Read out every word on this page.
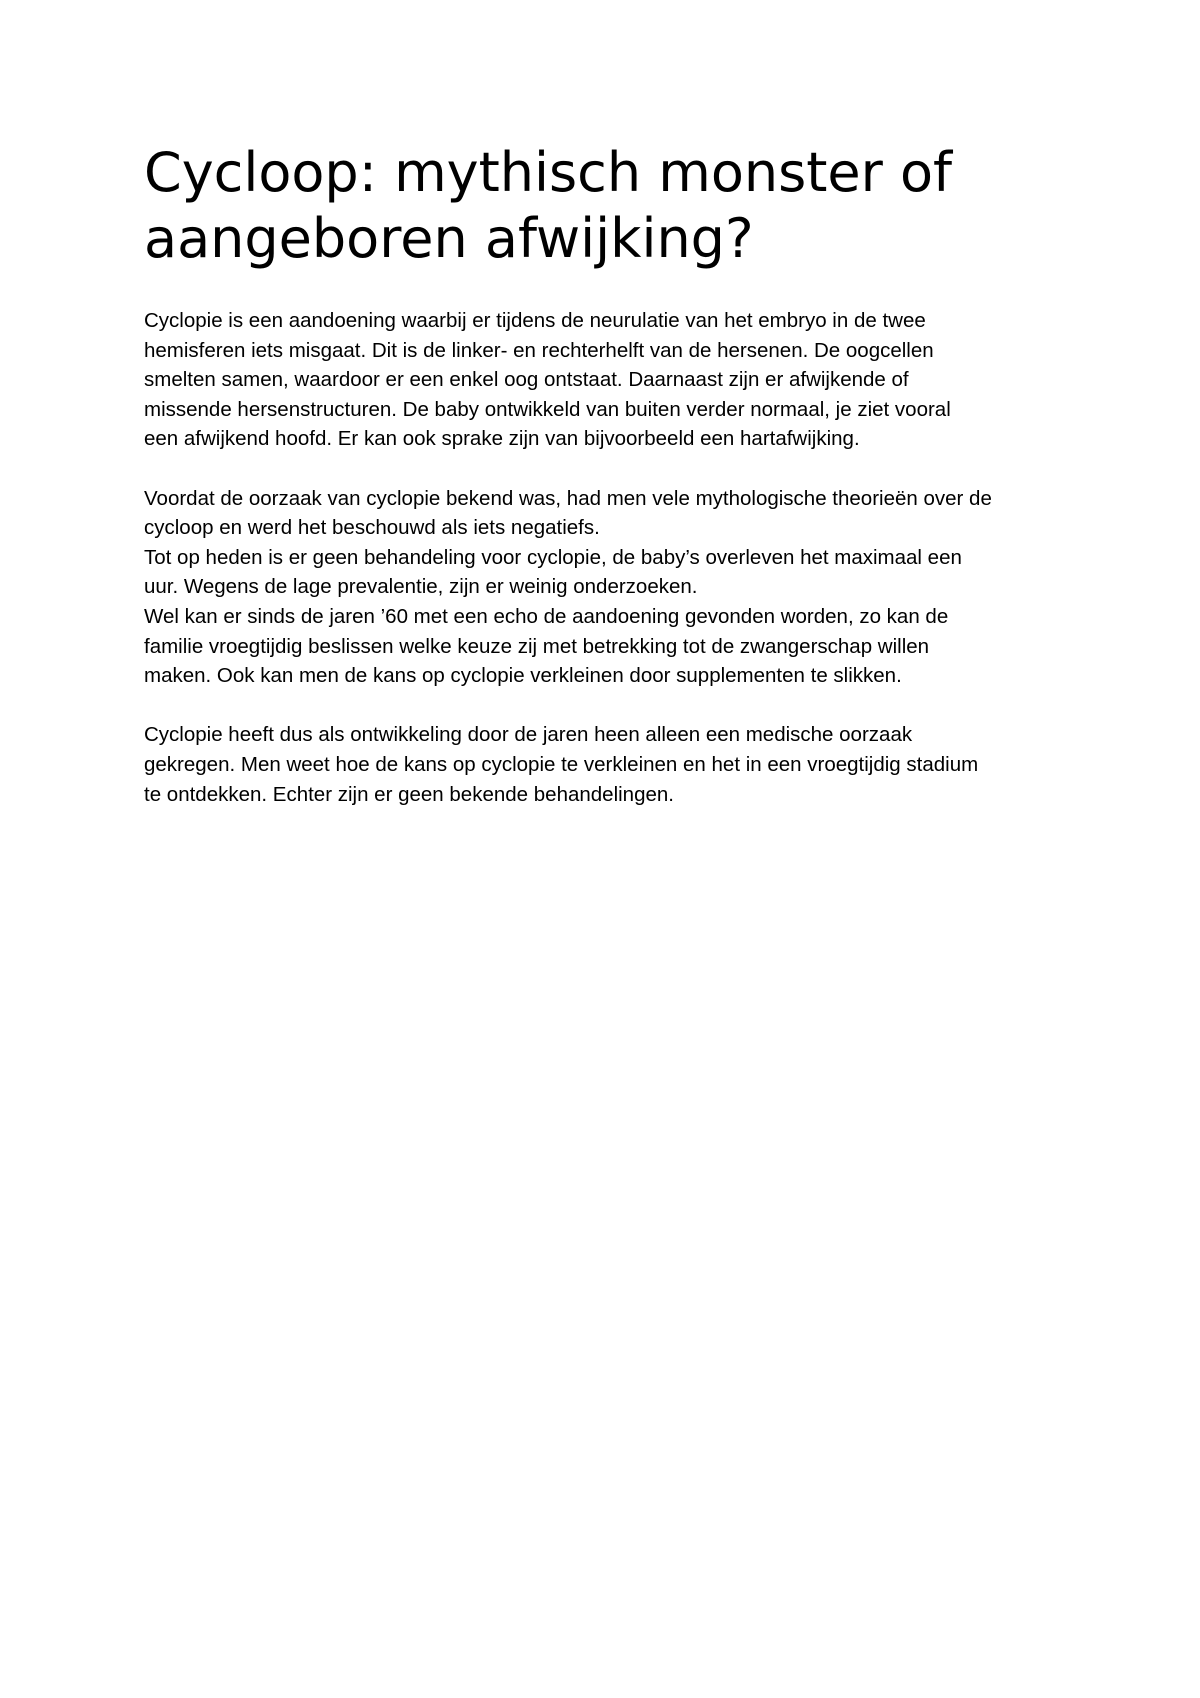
Cycloop: mythisch monster of
aangeboren afwijking?

Cyclopie is een aandoening waarbij er tijdens de neurulatie van het embryo in de twee
hemisferen iets misgaat. Dit is de linker- en rechterhelft van de hersenen. De oogcellen
smelten samen, waardoor er een enkel oog ontstaat. Daarnaast zijn er afwijkende of
missende hersenstructuren. De baby ontwikkeld van buiten verder normaal, je ziet vooral
een afwijkend hoofd. Er kan ook sprake zijn van bijvoorbeeld een hartafwijking.

Voordat de oorzaak van cyclopie bekend was, had men vele mythologische theorieën over de
cycloop en werd het beschouwd als iets negatiefs.
Tot op heden is er geen behandeling voor cyclopie, de baby’s overleven het maximaal een
uur. Wegens de lage prevalentie, zijn er weinig onderzoeken.
Wel kan er sinds de jaren ’60 met een echo de aandoening gevonden worden, zo kan de
familie vroegtijdig beslissen welke keuze zij met betrekking tot de zwangerschap willen
maken. Ook kan men de kans op cyclopie verkleinen door supplementen te slikken.

Cyclopie heeft dus als ontwikkeling door de jaren heen alleen een medische oorzaak
gekregen. Men weet hoe de kans op cyclopie te verkleinen en het in een vroegtijdig stadium
te ontdekken. Echter zijn er geen bekende behandelingen.
